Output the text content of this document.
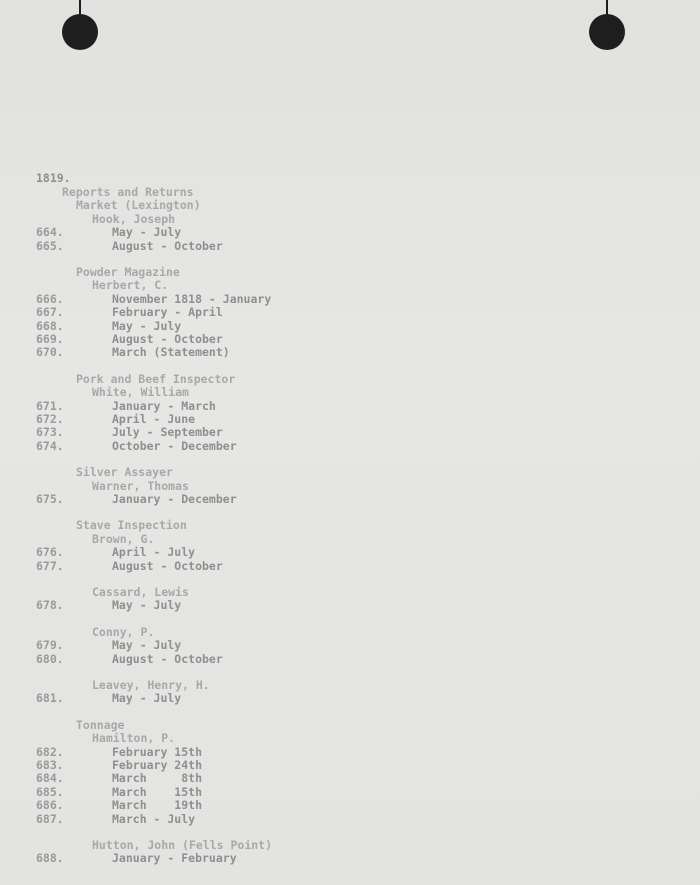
1819.
Reports and Returns
Market (Lexington)
Hook, Joseph
664.	May - July
665.	August - October
Powder Magazine
Herbert, C.
666.	November 1818 - January
667.	February - April
668.	May - July
669.	August - October
670.	March (Statement)
Pork and Beef Inspector
White, William
671.	January - March
672.	April - June
673.	July - September
674.	October - December
Silver Assayer
Warner, Thomas
675.	January - December
Stave Inspection
Brown, G.
676.	April - July
677.	August - October
Cassard, Lewis
678.	May - July
Conny, P.
679.	May - July
680.	August - October
Leavey, Henry, H.
681.	May - July
Tonnage
Hamilton, P.
682.	February 15th
683.	February 24th
684.	March     8th
685.	March    15th
686.	March    19th
687.	March - July
Hutton, John (Fells Point)
688.	January - February
